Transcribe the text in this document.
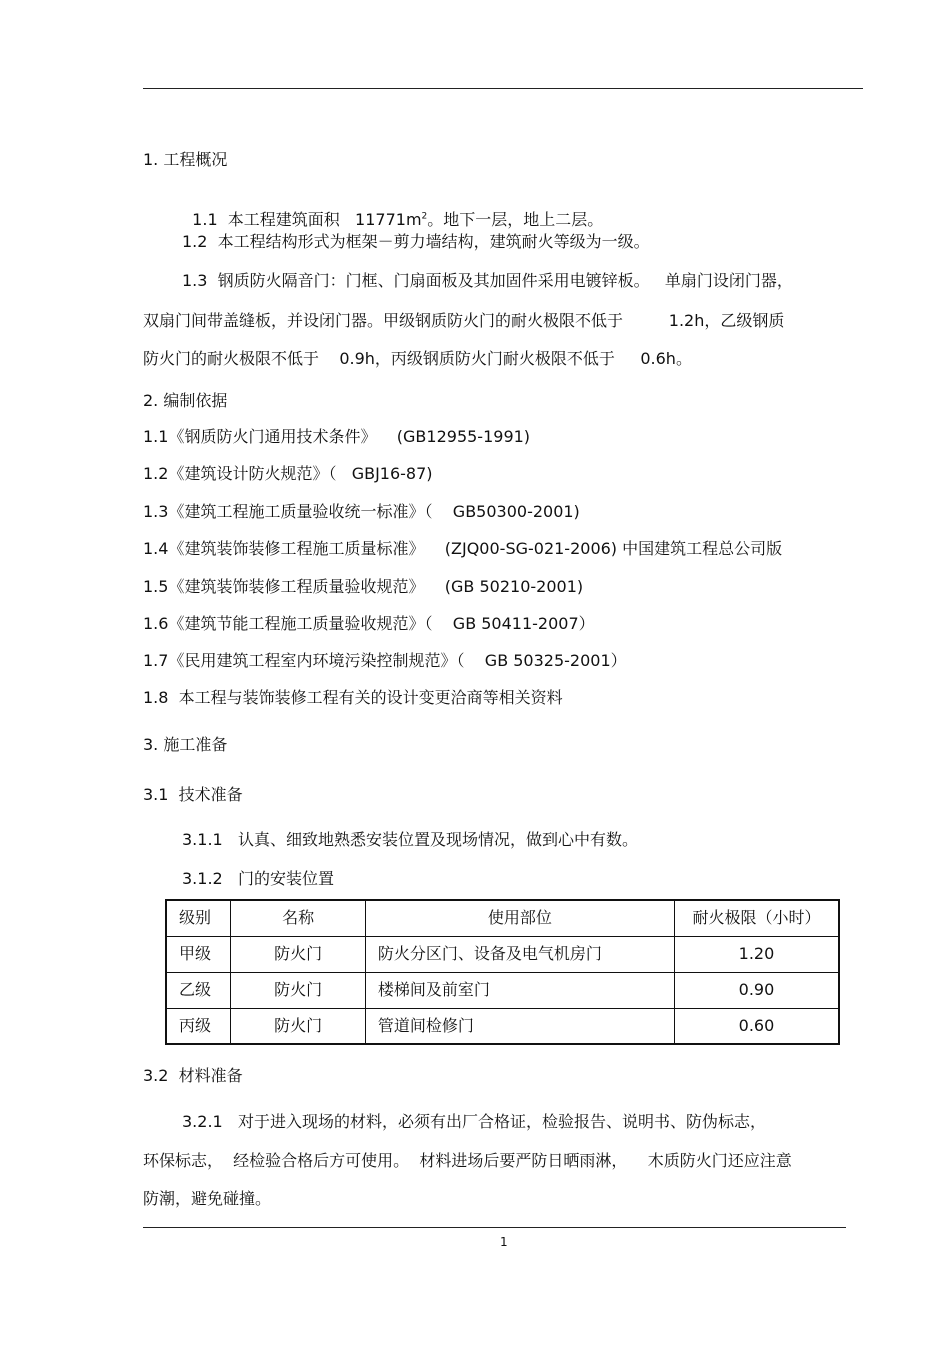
1. 工程概况

1.1  本工程建筑面积   $11771m^2$。地下一层，地上二层。

1.2  本工程结构形式为框架－剪力墙结构，建筑耐火等级为一级。
1.3  钢质防火隔音门：门框、门扇面板及其加固件采用电镀锌板。   单扇门设闭门器，
双扇门间带盖缝板，并设闭门器。甲级钢质防火门的耐火极限不低于         1.2h，乙级钢质
防火门的耐火极限不低于    0.9h，丙级钢质防火门耐火极限不低于     0.6h。
2. 编制依据
1.1《钢质防火门通用技术条件》    (GB12955-1991)
1.2《建筑设计防火规范》（   GBJ16-87)
1.3《建筑工程施工质量验收统一标准》（    GB50300-2001)
1.4《建筑装饰装修工程施工质量标准》    (ZJQ00-SG-021-2006) 中国建筑工程总公司版
1.5《建筑装饰装修工程质量验收规范》    (GB 50210-2001)
1.6《建筑节能工程施工质量验收规范》（    GB 50411-2007）
1.7《民用建筑工程室内环境污染控制规范》（    GB 50325-2001）
1.8  本工程与装饰装修工程有关的设计变更洽商等相关资料
3. 施工准备
3.1  技术准备
3.1.1   认真、细致地熟悉安装位置及现场情况，做到心中有数。
3.1.2   门的安装位置
级别	名称	使用部位	耐火极限（小时）
甲级	防火门	防火分区门、设备及电气机房门	1.20
乙级	防火门	楼梯间及前室门	0.90
丙级	防火门	管道间检修门	0.60
3.2  材料准备
3.2.1   对于进入现场的材料，必须有出厂合格证，检验报告、说明书、防伪标志，
环保标志，  经检验合格后方可使用。  材料进场后要严防日晒雨淋，    木质防火门还应注意
防潮，避免碰撞。
1
